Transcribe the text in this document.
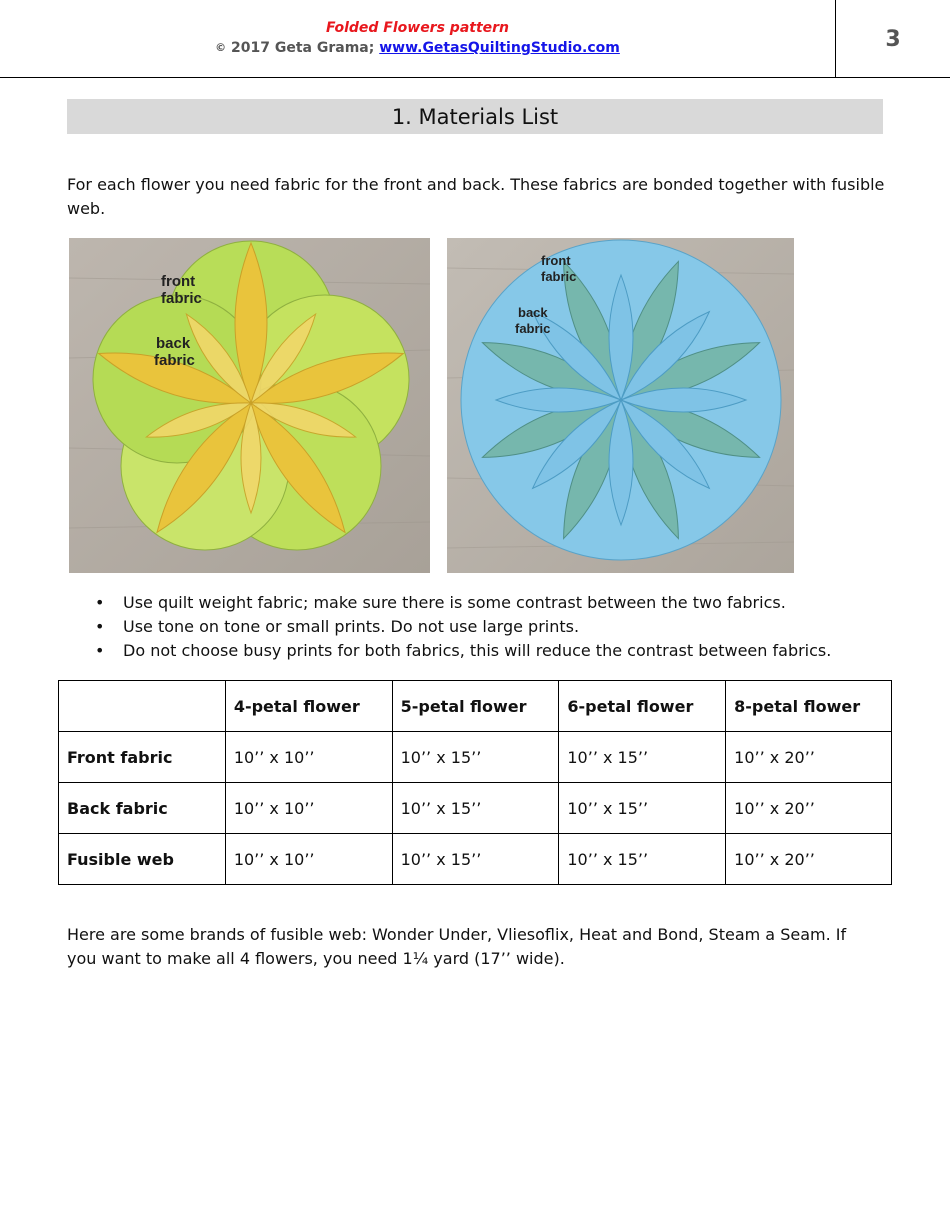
Folded Flowers pattern
© 2017 Geta Grama; www.GetasQuiltingStudio.com	3
1. Materials List
For each flower you need fabric for the front and back. These fabrics are bonded together with fusible web.
front
fabric
back
fabric
front
fabric
back
fabric
• Use quilt weight fabric; make sure there is some contrast between the two fabrics.
• Use tone on tone or small prints. Do not use large prints.
• Do not choose busy prints for both fabrics, this will reduce the contrast between fabrics.
	4-petal flower	5-petal flower	6-petal flower	8-petal flower
Front fabric	10’’ x 10’’	10’’ x 15’’	10’’ x 15’’	10’’ x 20’’
Back fabric	10’’ x 10’’	10’’ x 15’’	10’’ x 15’’	10’’ x 20’’
Fusible web	10’’ x 10’’	10’’ x 15’’	10’’ x 15’’	10’’ x 20’’
Here are some brands of fusible web: Wonder Under, Vliesoflix, Heat and Bond, Steam a Seam. If you want to make all 4 flowers, you need 1¼ yard (17’’ wide).
